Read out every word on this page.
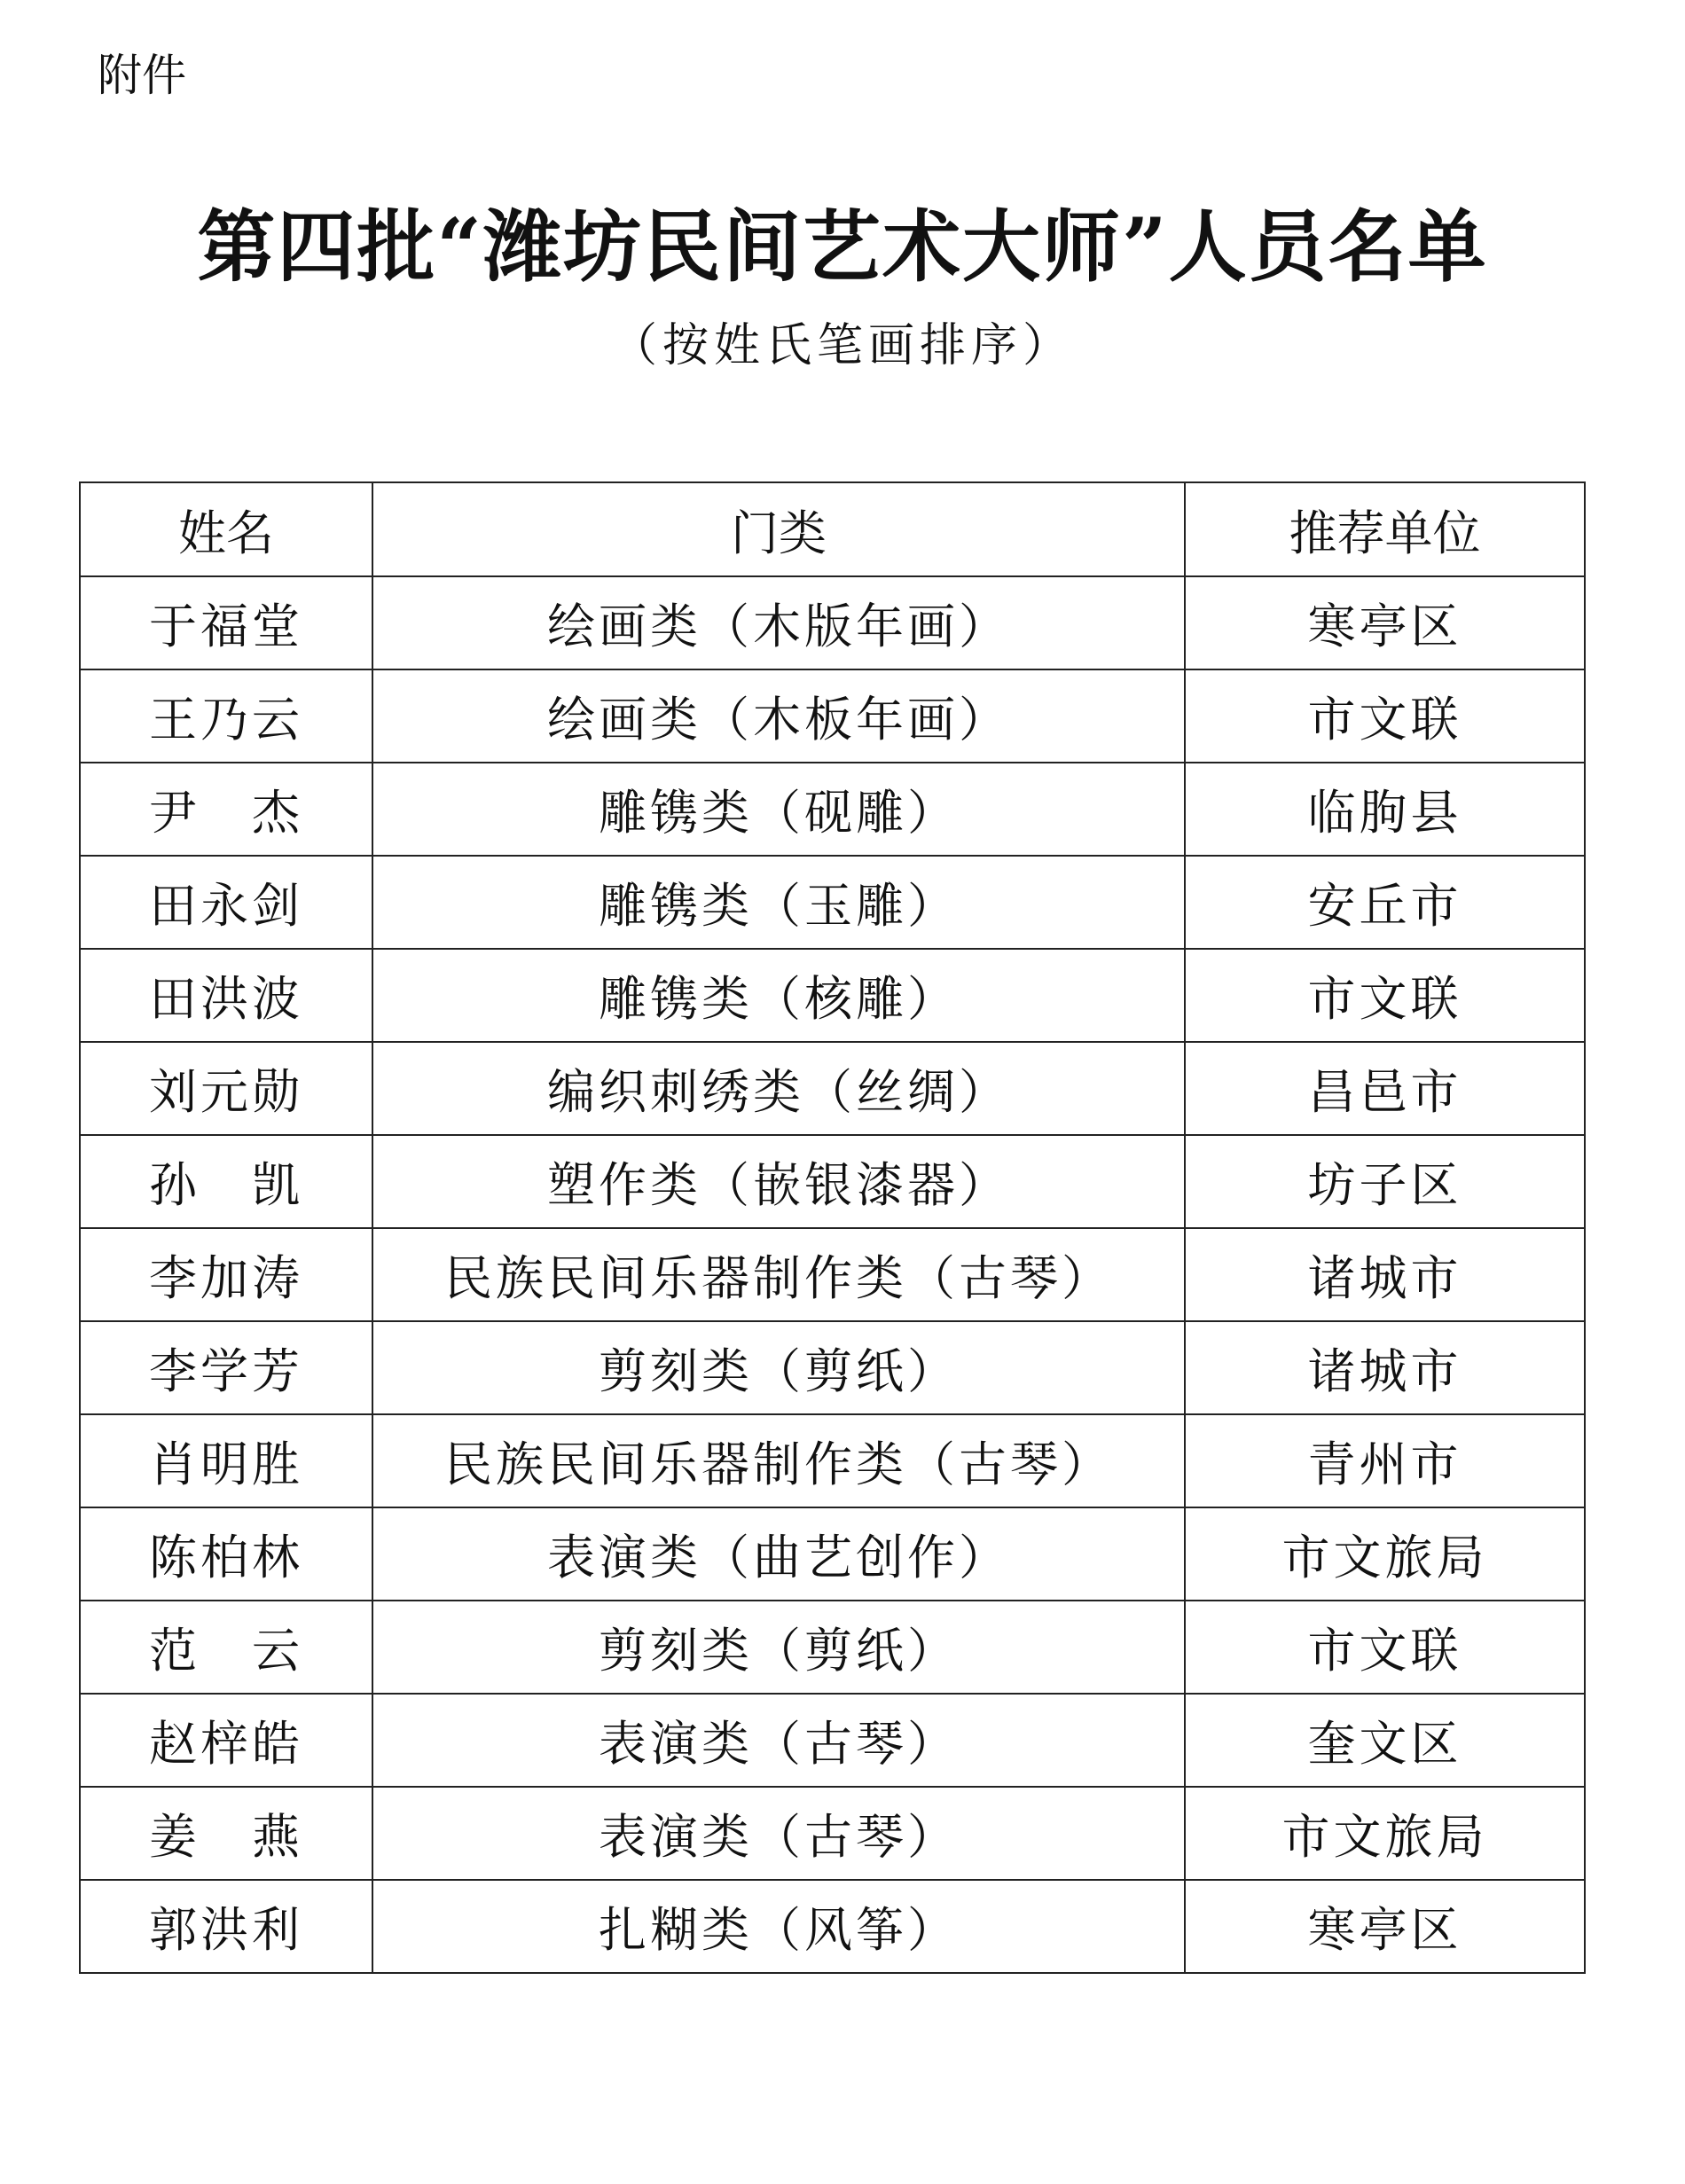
附件
第四批“潍坊民间艺术大师”人员名单
（按姓氏笔画排序）
姓名	门类	推荐单位
于福堂	绘画类（木版年画）	寒亭区
王乃云	绘画类（木板年画）	市文联
尹　杰	雕镌类（砚雕）	临朐县
田永剑	雕镌类（玉雕）	安丘市
田洪波	雕镌类（核雕）	市文联
刘元勋	编织刺绣类（丝绸）	昌邑市
孙　凯	塑作类（嵌银漆器）	坊子区
李加涛	民族民间乐器制作类（古琴）	诸城市
李学芳	剪刻类（剪纸）	诸城市
肖明胜	民族民间乐器制作类（古琴）	青州市
陈柏林	表演类（曲艺创作）	市文旅局
范　云	剪刻类（剪纸）	市文联
赵梓皓	表演类（古琴）	奎文区
姜　燕	表演类（古琴）	市文旅局
郭洪利	扎糊类（风筝）	寒亭区
